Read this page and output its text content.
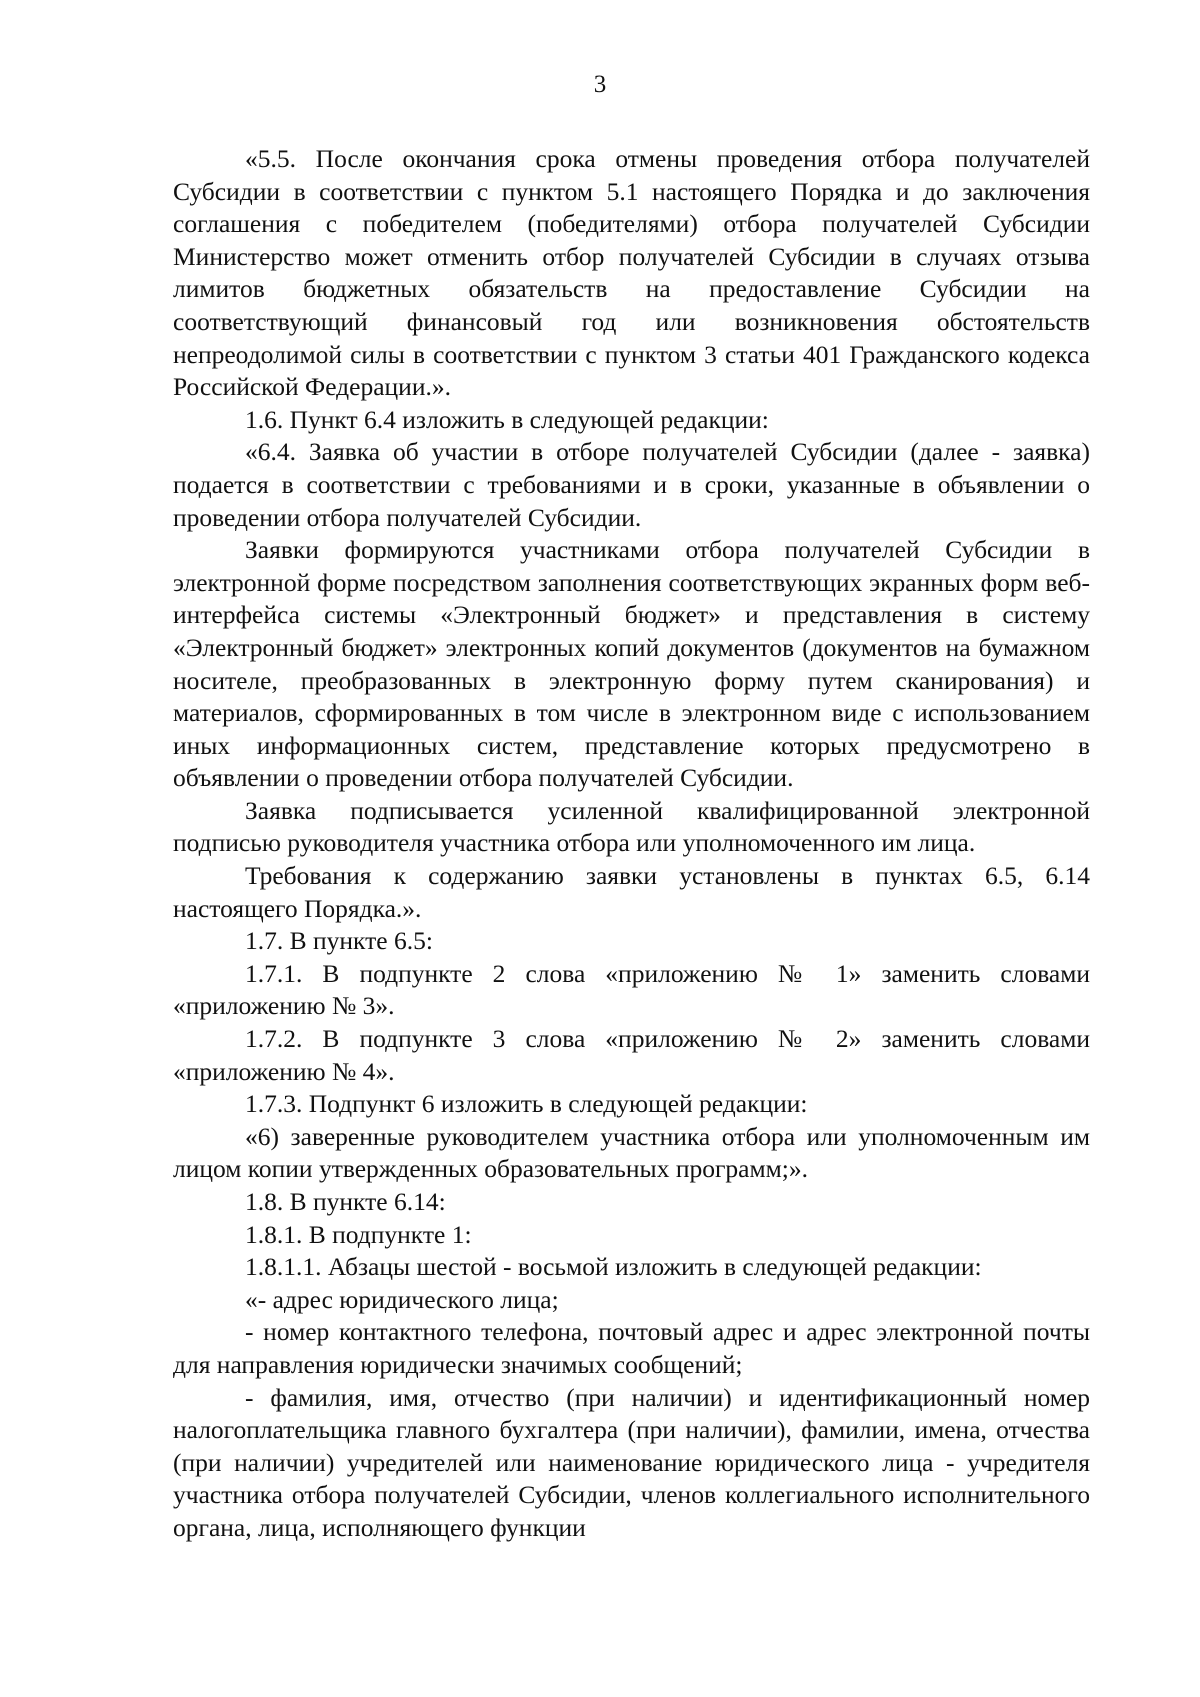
3

«5.5. После окончания срока отмены проведения отбора получателей Субсидии в соответствии с пунктом 5.1 настоящего Порядка и до заключения соглашения с победителем (победителями) отбора получателей Субсидии Министерство может отменить отбор получателей Субсидии в случаях отзыва лимитов бюджетных обязательств на предоставление Субсидии на соответствующий финансовый год или возникновения обстоятельств непреодолимой силы в соответствии с пунктом 3 статьи 401 Гражданского кодекса Российской Федерации.».

1.6. Пункт 6.4 изложить в следующей редакции:

«6.4. Заявка об участии в отборе получателей Субсидии (далее - заявка) подается в соответствии с требованиями и в сроки, указанные в объявлении о проведении отбора получателей Субсидии.

Заявки формируются участниками отбора получателей Субсидии в электронной форме посредством заполнения соответствующих экранных форм веб-интерфейса системы «Электронный бюджет» и представления в систему «Электронный бюджет» электронных копий документов (документов на бумажном носителе, преобразованных в электронную форму путем сканирования) и материалов, сформированных в том числе в электронном виде с использованием иных информационных систем, представление которых предусмотрено в объявлении о проведении отбора получателей Субсидии.

Заявка подписывается усиленной квалифицированной электронной подписью руководителя участника отбора или уполномоченного им лица.

Требования к содержанию заявки установлены в пунктах 6.5, 6.14 настоящего Порядка.».

1.7. В пункте 6.5:

1.7.1. В подпункте 2 слова «приложению № 1» заменить словами «приложению № 3».

1.7.2. В подпункте 3 слова «приложению № 2» заменить словами «приложению № 4».

1.7.3. Подпункт 6 изложить в следующей редакции:

«6) заверенные руководителем участника отбора или уполномоченным им лицом копии утвержденных образовательных программ;».

1.8. В пункте 6.14:

1.8.1. В подпункте 1:

1.8.1.1. Абзацы шестой - восьмой изложить в следующей редакции:

«- адрес юридического лица;

- номер контактного телефона, почтовый адрес и адрес электронной почты для направления юридически значимых сообщений;

- фамилия, имя, отчество (при наличии) и идентификационный номер налогоплательщика главного бухгалтера (при наличии), фамилии, имена, отчества (при наличии) учредителей или наименование юридического лица - учредителя участника отбора получателей Субсидии, членов коллегиального исполнительного органа, лица, исполняющего функции
